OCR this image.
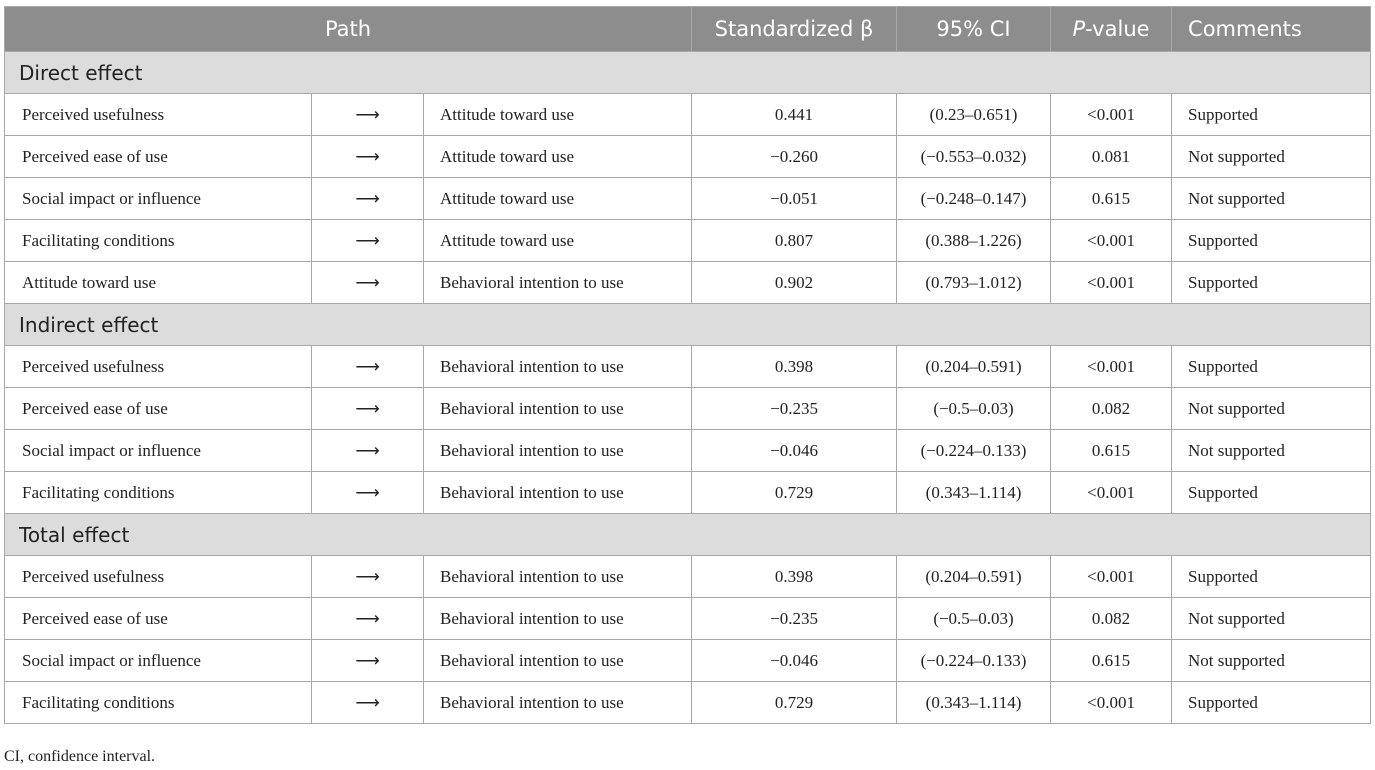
Path			Standardized β	95% CI	P-value	Comments
Direct effect						
Perceived usefulness	⟶	Attitude toward use	0.441	(0.23–0.651)	<0.001	Supported
Perceived ease of use	⟶	Attitude toward use	−0.260	(−0.553–0.032)	0.081	Not supported
Social impact or influence	⟶	Attitude toward use	−0.051	(−0.248–0.147)	0.615	Not supported
Facilitating conditions	⟶	Attitude toward use	0.807	(0.388–1.226)	<0.001	Supported
Attitude toward use	⟶	Behavioral intention to use	0.902	(0.793–1.012)	<0.001	Supported
Indirect effect						
Perceived usefulness	⟶	Behavioral intention to use	0.398	(0.204–0.591)	<0.001	Supported
Perceived ease of use	⟶	Behavioral intention to use	−0.235	(−0.5–0.03)	0.082	Not supported
Social impact or influence	⟶	Behavioral intention to use	−0.046	(−0.224–0.133)	0.615	Not supported
Facilitating conditions	⟶	Behavioral intention to use	0.729	(0.343–1.114)	<0.001	Supported
Total effect						
Perceived usefulness	⟶	Behavioral intention to use	0.398	(0.204–0.591)	<0.001	Supported
Perceived ease of use	⟶	Behavioral intention to use	−0.235	(−0.5–0.03)	0.082	Not supported
Social impact or influence	⟶	Behavioral intention to use	−0.046	(−0.224–0.133)	0.615	Not supported
Facilitating conditions	⟶	Behavioral intention to use	0.729	(0.343–1.114)	<0.001	Supported
CI, confidence interval.
